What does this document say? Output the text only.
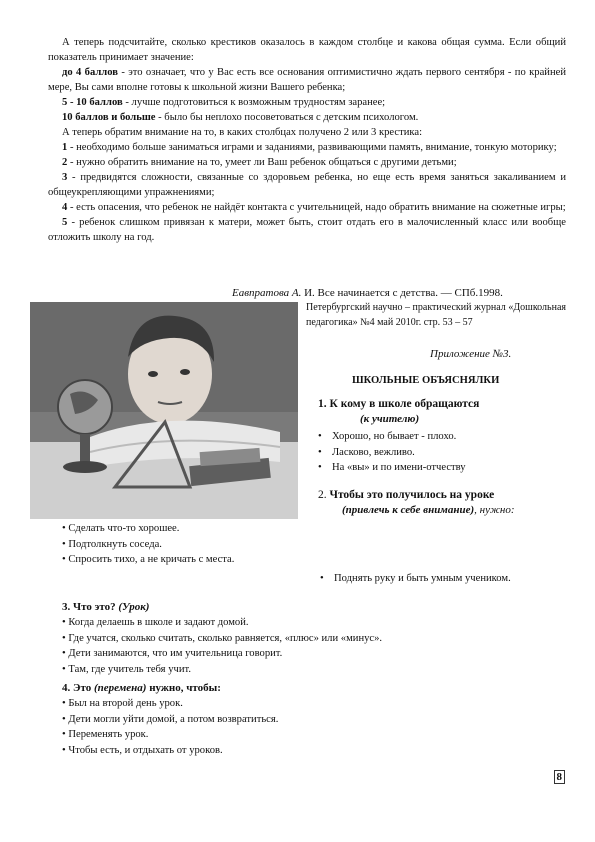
А теперь подсчитайте, сколько крестиков оказалось в каждом столбце и какова общая сумма. Если общий показатель принимает значение:

до 4 баллов - это означает, что у Вас есть все основания оптимистично ждать первого сентября - по крайней мере, Вы сами вполне готовы к школьной жизни Вашего ребенка;

5 - 10 баллов - лучше подготовиться к возможным трудностям заранее;

10 баллов и больше - было бы неплохо посоветоваться с детским психологом.

А теперь обратим внимание на то, в каких столбцах получено 2 или 3 крестика:

1 - необходимо больше заниматься играми и заданиями, развивающими память, внимание, тонкую моторику;

2 - нужно обратить внимание на то, умеет ли Ваш ребенок общаться с другими детьми;

3 - предвидятся сложности, связанные со здоровьем ребенка, но еще есть время заняться закаливанием и общеукрепляющими упражнениями;

4 - есть опасения, что ребенок не найдёт контакта с учительницей, надо обратить внимание на сюжетные игры;

5 - ребенок слишком привязан к матери, может быть, стоит отдать его в малочисленный класс или вообще отложить школу на год.

Еавпратова А. И. Все начинается с детства. — СПб.1998.
Петербургский научно – практический журнал «Дошкольная педагогика» №4 май 2010г. стр. 53 – 57
Приложение №3.
ШКОЛЬНЫЕ ОБЪЯСНЯЛКИ

1. К кому в школе обращаются

(к учителю)

• Хорошо, но бывает - плохо.
• Ласково, вежливо.
• На «вы» и по имени-отчеству

2. Чтобы это получилось на уроке

(привлечь к себе внимание), нужно:

• Сделать что-то хорошее.
• Подтолкнуть соседа.
• Спросить тихо, а не кричать с места.
• Поднять руку и быть умным учеником.

3. Что это? (Урок)

• Когда делаешь в школе и задают домой.
• Где учатся, сколько считать, сколько равняется, «плюс» или «минус».
• Дети занимаются, что им учительница говорит.
• Там, где учитель тебя учит.

4. Это (перемена) нужно, чтобы:

• Был на второй день урок.
• Дети могли уйти домой, а потом возвратиться.
• Переменять урок.
• Чтобы есть, и отдыхать от уроков.
8
